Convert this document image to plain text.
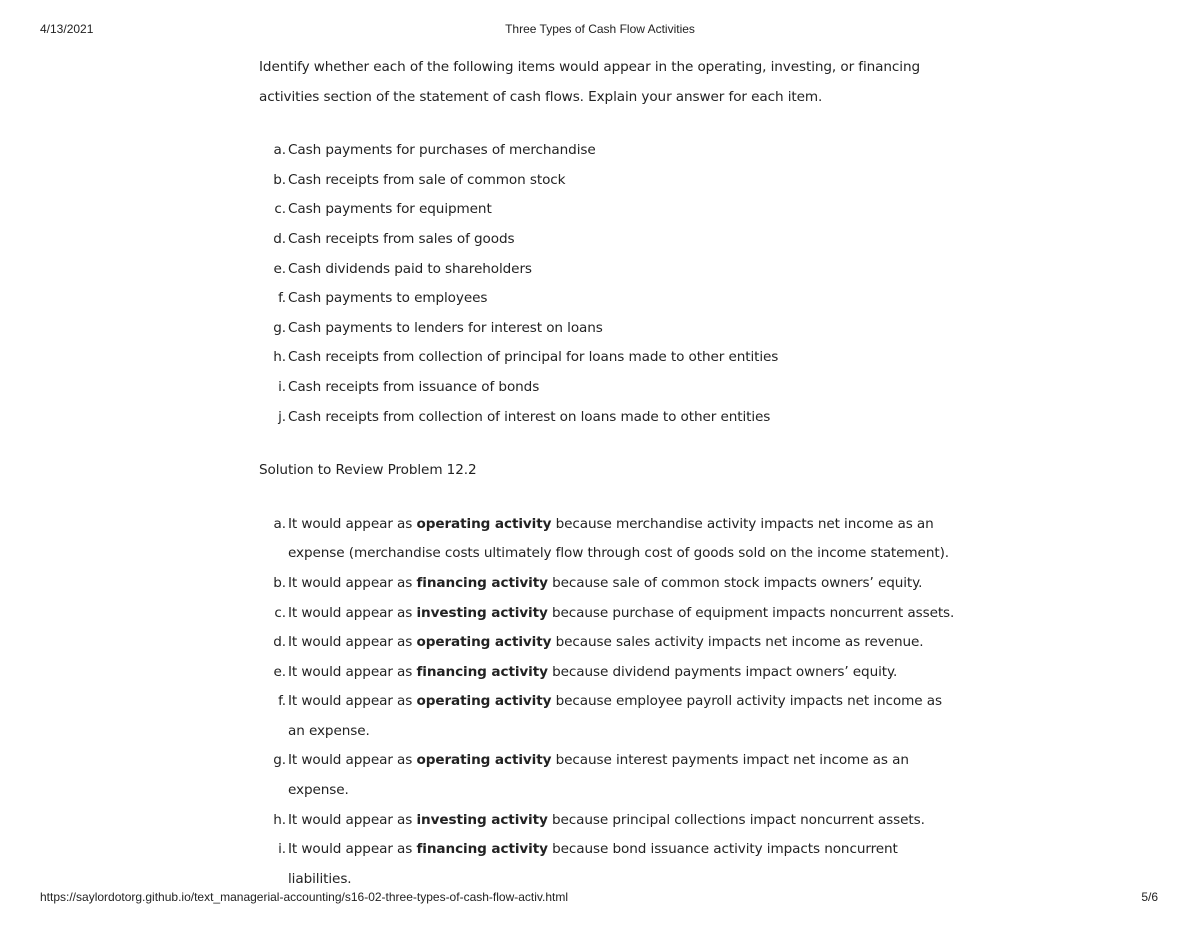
4/13/2021	Three Types of Cash Flow Activities

Identify whether each of the following items would appear in the operating, investing, or financing activities section of the statement of cash flows. Explain your answer for each item.

a. Cash payments for purchases of merchandise
b. Cash receipts from sale of common stock
c. Cash payments for equipment
d. Cash receipts from sales of goods
e. Cash dividends paid to shareholders
f. Cash payments to employees
g. Cash payments to lenders for interest on loans
h. Cash receipts from collection of principal for loans made to other entities
i. Cash receipts from issuance of bonds
j. Cash receipts from collection of interest on loans made to other entities

Solution to Review Problem 12.2

a. It would appear as operating activity because merchandise activity impacts net income as an expense (merchandise costs ultimately flow through cost of goods sold on the income statement).
b. It would appear as financing activity because sale of common stock impacts owners’ equity.
c. It would appear as investing activity because purchase of equipment impacts noncurrent assets.
d. It would appear as operating activity because sales activity impacts net income as revenue.
e. It would appear as financing activity because dividend payments impact owners’ equity.
f. It would appear as operating activity because employee payroll activity impacts net income as an expense.
g. It would appear as operating activity because interest payments impact net income as an expense.
h. It would appear as investing activity because principal collections impact noncurrent assets.
i. It would appear as financing activity because bond issuance activity impacts noncurrent liabilities.
https://saylordotorg.github.io/text_managerial-accounting/s16-02-three-types-of-cash-flow-activ.html	5/6
